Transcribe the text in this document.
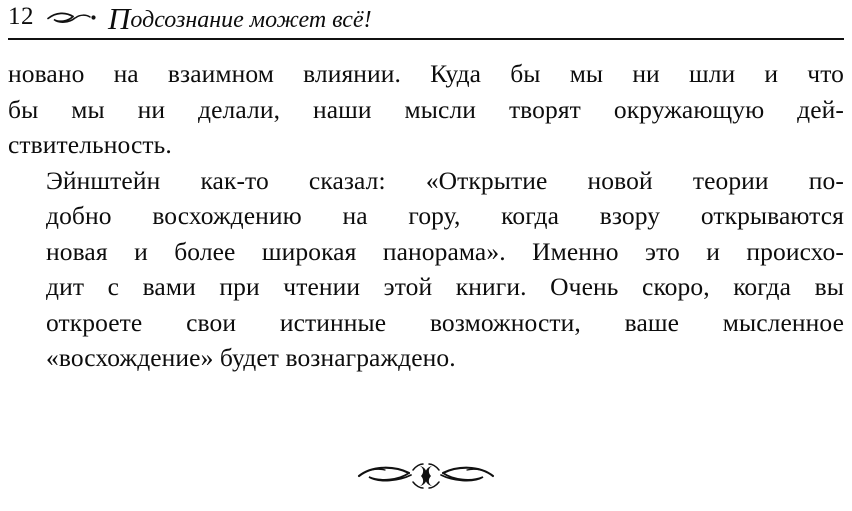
12 Подсознание может всё!

новано на взаимном влиянии. Куда бы мы ни шли и что
бы мы ни делали, наши мысли творят окружающую дей-
ствительность.

Эйнштейн как-то сказал: «Открытие новой теории по-
добно восхождению на гору, когда взору открываются
новая и более широкая панорама». Именно это и происхо-
дит с вами при чтении этой книги. Очень скоро, когда вы
откроете свои истинные возможности, ваше мысленное
«восхождение» будет вознаграждено.
